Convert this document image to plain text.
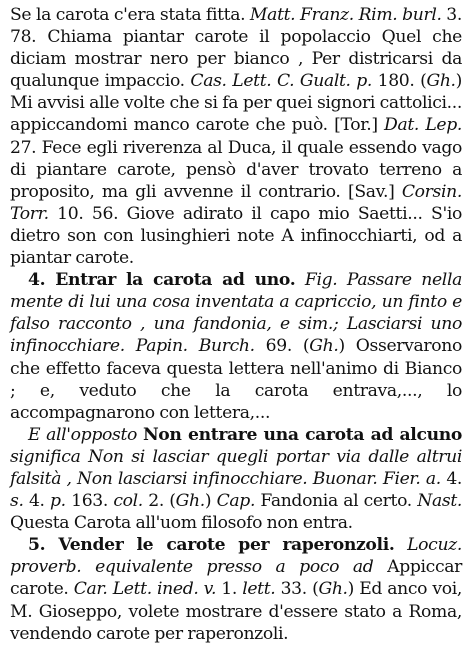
Se la carota c'era stata fitta. Matt. Franz. Rim. burl. 3. 78. Chiama piantar carote il popolaccio Quel che diciam mostrar nero per bianco , Per districarsi da qualunque impaccio. Cas. Lett. C. Gualt. p. 180. (Gh.) Mi avvisi alle volte che si fa per quei signori cattolici... appiccandomi manco carote che può. [Tor.] Dat. Lep. 27. Fece egli riverenza al Duca, il quale essendo vago di piantare carote, pensò d'aver trovato terreno a proposito, ma gli avvenne il contrario. [Sav.] Corsin. Torr. 10. 56. Giove adirato il capo mio Saetti... S'io dietro son con lusinghieri note A infinocchiarti, od a piantar carote.

4. Entrar la carota ad uno. Fig. Passare nella mente di lui una cosa inventata a capriccio, un finto e falso racconto , una fandonia, e sim.; Lasciarsi uno infinocchiare. Papin. Burch. 69. (Gh.) Osservarono che effetto faceva questa lettera nell'animo di Bianco ; e, veduto che la carota entrava,..., lo accompagnarono con lettera,...

E all'opposto Non entrare una carota ad alcuno significa Non si lasciar quegli portar via dalle altrui falsità , Non lasciarsi infinocchiare. Buonar. Fier. a. 4. s. 4. p. 163. col. 2. (Gh.) Cap. Fandonia al certo. Nast. Questa Carota all'uom filosofo non entra.

5. Vender le carote per raperonzoli. Locuz. proverb. equivalente presso a poco ad Appiccar carote. Car. Lett. ined. v. 1. lett. 33. (Gh.) Ed anco voi, M. Gioseppo, volete mostrare d'essere stato a Roma, vendendo carote per raperonzoli.
